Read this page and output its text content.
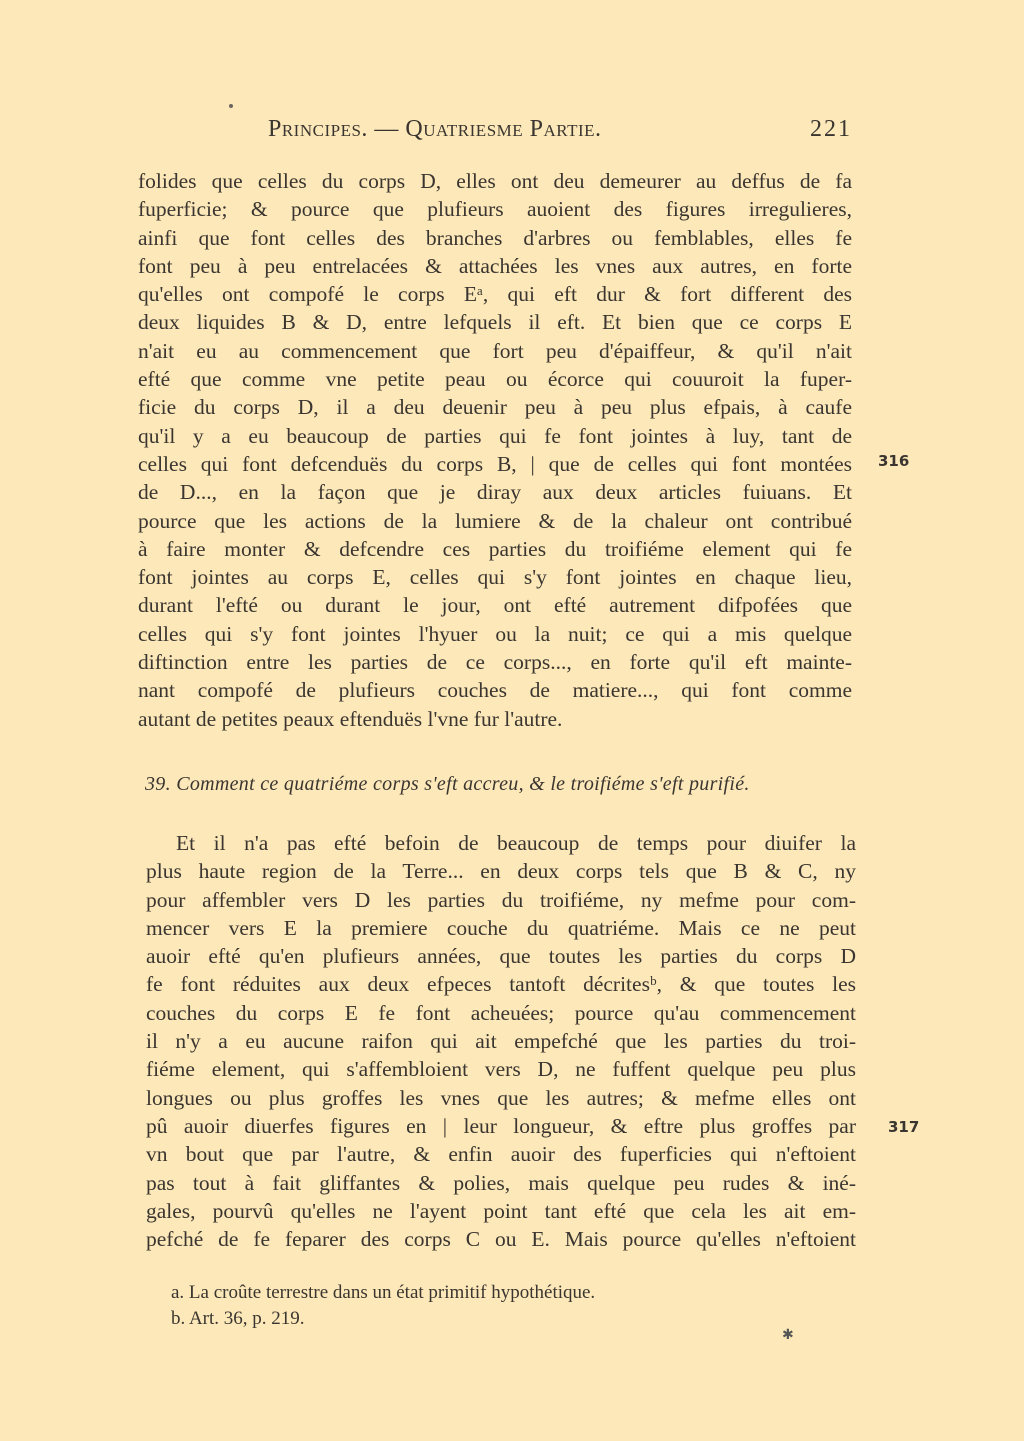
Principes. — Quatriesme Partie.	221
folides que celles du corps D, elles ont deu demeurer au deffus de fa
fuperficie; & pource que plufieurs auoient des figures irregulieres,
ainfi que font celles des branches d'arbres ou femblables, elles fe
font peu à peu entrelacées & attachées les vnes aux autres, en forte
qu'elles ont compofé le corps Eᵃ, qui eft dur & fort different des
deux liquides B & D, entre lefquels il eft. Et bien que ce corps E
n'ait eu au commencement que fort peu d'épaiffeur, & qu'il n'ait
efté que comme vne petite peau ou écorce qui couuroit la fuper-
ficie du corps D, il a deu deuenir peu à peu plus efpais, à caufe
qu'il y a eu beaucoup de parties qui fe font jointes à luy, tant de
celles qui font defcenduës du corps B, | que de celles qui font montées
de D..., en la façon que je diray aux deux articles fuiuans. Et
pource que les actions de la lumiere & de la chaleur ont contribué
à faire monter & defcendre ces parties du troifiéme element qui fe
font jointes au corps E, celles qui s'y font jointes en chaque lieu,
durant l'efté ou durant le jour, ont efté autrement difpofées que
celles qui s'y font jointes l'hyuer ou la nuit; ce qui a mis quelque
diftinction entre les parties de ce corps..., en forte qu'il eft mainte-
nant compofé de plufieurs couches de matiere..., qui font comme
autant de petites peaux eftenduës l'vne fur l'autre.
316
39. Comment ce quatriéme corps s'eft accreu, & le troifiéme s'eft purifié.
Et il n'a pas efté befoin de beaucoup de temps pour diuifer la
plus haute region de la Terre... en deux corps tels que B & C, ny
pour affembler vers D les parties du troifiéme, ny mefme pour com-
mencer vers E la premiere couche du quatriéme. Mais ce ne peut
auoir efté qu'en plufieurs années, que toutes les parties du corps D
fe font réduites aux deux efpeces tantoft décritesᵇ, & que toutes les
couches du corps E fe font acheuées; pource qu'au commencement
il n'y a eu aucune raifon qui ait empefché que les parties du troi-
fiéme element, qui s'affembloient vers D, ne fuffent quelque peu plus
longues ou plus groffes les vnes que les autres; & mefme elles ont
pû auoir diuerfes figures en | leur longueur, & eftre plus groffes par
vn bout que par l'autre, & enfin auoir des fuperficies qui n'eftoient
pas tout à fait gliffantes & polies, mais quelque peu rudes & iné-
gales, pourvû qu'elles ne l'ayent point tant efté que cela les ait em-
pefché de fe feparer des corps C ou E. Mais pource qu'elles n'eftoient
317
a. La croûte terrestre dans un état primitif hypothétique.
b. Art. 36, p. 219.
✱
